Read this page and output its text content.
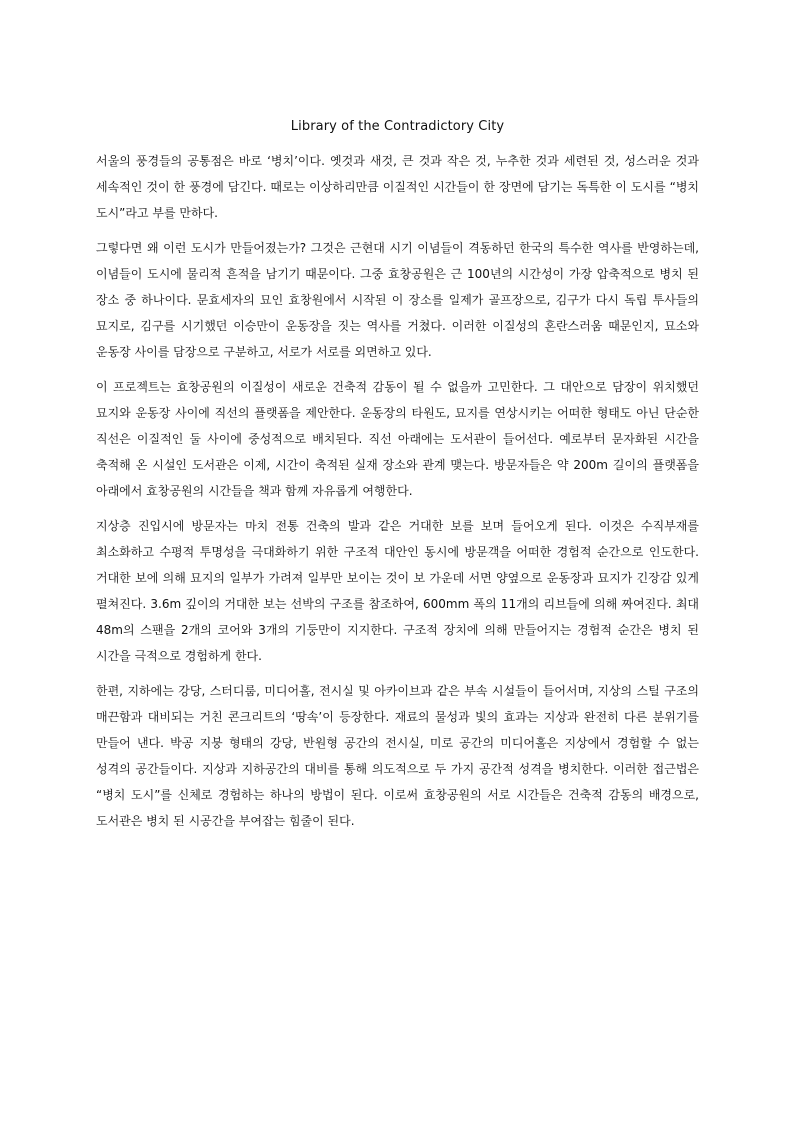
Library of the Contradictory City

서울의 풍경들의 공통점은 바로 ‘병치’이다. 옛것과 새것, 큰 것과 작은 것, 누추한 것과 세련된 것, 성스러운 것과 세속적인 것이 한 풍경에 담긴다. 때로는 이상하리만큼 이질적인 시간들이 한 장면에 담기는 독특한 이 도시를 “병치 도시”라고 부를 만하다.

그렇다면 왜 이런 도시가 만들어졌는가? 그것은 근현대 시기 이념들이 격동하던 한국의 특수한 역사를 반영하는데, 이념들이 도시에 물리적 흔적을 남기기 때문이다. 그중 효창공원은 근 100년의 시간성이 가장 압축적으로 병치 된 장소 중 하나이다. 문효세자의 묘인 효창원에서 시작된 이 장소를 일제가 골프장으로, 김구가 다시 독립 투사들의 묘지로, 김구를 시기했던 이승만이 운동장을 짓는 역사를 거쳤다. 이러한 이질성의 혼란스러움 때문인지, 묘소와 운동장 사이를 담장으로 구분하고, 서로가 서로를 외면하고 있다.

이 프로젝트는 효창공원의 이질성이 새로운 건축적 감동이 될 수 없을까 고민한다. 그 대안으로 담장이 위치했던 묘지와 운동장 사이에 직선의 플랫폼을 제안한다. 운동장의 타원도, 묘지를 연상시키는 어떠한 형태도 아닌 단순한 직선은 이질적인 둘 사이에 중성적으로 배치된다. 직선 아래에는 도서관이 들어선다. 예로부터 문자화된 시간을 축적해 온 시설인 도서관은 이제, 시간이 축적된 실재 장소와 관계 맺는다. 방문자들은 약 200m 길이의 플랫폼을 아래에서 효창공원의 시간들을 책과 함께 자유롭게 여행한다.

지상층 진입시에 방문자는 마치 전통 건축의 발과 같은 거대한 보를 보며 들어오게 된다. 이것은 수직부재를 최소화하고 수평적 투명성을 극대화하기 위한 구조적 대안인 동시에 방문객을 어떠한 경험적 순간으로 인도한다. 거대한 보에 의해 묘지의 일부가 가려져 일부만 보이는 것이 보 가운데 서면 양옆으로 운동장과 묘지가 긴장감 있게 펼쳐진다. 3.6m 깊이의 거대한 보는 선박의 구조를 참조하여, 600mm 폭의 11개의 리브들에 의해 짜여진다. 최대 48m의 스팬을 2개의 코어와 3개의 기둥만이 지지한다. 구조적 장치에 의해 만들어지는 경험적 순간은 병치 된 시간을 극적으로 경험하게 한다.

한편, 지하에는 강당, 스터디룸, 미디어홀, 전시실 및 아카이브과 같은 부속 시설들이 들어서며, 지상의 스틸 구조의 매끈함과 대비되는 거친 콘크리트의 ‘땅속’이 등장한다. 재료의 물성과 빛의 효과는 지상과 완전히 다른 분위기를 만들어 낸다. 박공 지붕 형태의 강당, 반원형 공간의 전시실, 미로 공간의 미디어홀은 지상에서 경험할 수 없는 성격의 공간들이다. 지상과 지하공간의 대비를 통해 의도적으로 두 가지 공간적 성격을 병치한다. 이러한 접근법은 “병치 도시”를 신체로 경험하는 하나의 방법이 된다. 이로써 효창공원의 서로 시간들은 건축적 감동의 배경으로, 도서관은 병치 된 시공간을 부여잡는 힘줄이 된다.
